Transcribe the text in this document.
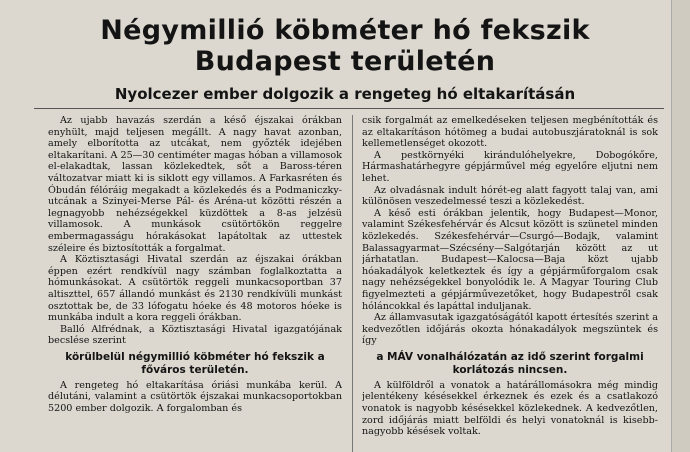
Négymillió köbméter hó fekszik
Budapest területén
Nyolcezer ember dolgozik a rengeteg hó eltakarításán

Az ujabb havazás szerdán a késő éjszakai órákban enyhült, majd teljesen megállt. A nagy havat azonban, amely elborította az utcákat, nem győzték idejében eltakarítani. A 25—30 centiméter magas hóban a villamosok el-elakadtak, lassan közlekedtek, sőt a Baross-téren változatvar miatt ki is siklott egy villamos. A Farkasréten és Óbudán félóráig megakadt a közlekedés és a Podmaniczky-utcának a Szinyei-Merse Pál- és Aréna-ut közötti részén a legnagyobb nehézségekkel küzdöttek a 8-as jelzésü villamosok. A munkások csütörtökön reggelre embermagasságu hórakásokat lapátoltak az uttestek széleire és biztosították a forgalmat.

A Köztisztasági Hivatal szerdán az éjszakai órákban éppen ezért rendkívül nagy számban foglalkoztatta a hómunkásokat. A csütörtök reggeli munkacsoportban 37 altiszttel, 657 állandó munkást és 2130 rendkívüli munkást osztottak be, de 33 lófogatu hóeke és 48 motoros hóeke is munkába indult a kora reggeli órákban.

Balló Alfrédnak, a Köztisztasági Hivatal igazgatójának becslése szerint

körülbelül négymillió köbméter hó fekszik a főváros területén.

A rengeteg hó eltakarítása óriási munkába kerül. A délutáni, valamint a csütörtök éjszakai munkacsoportokban 5200 ember dolgozik. A forgalomban és

csik forgalmát az emelkedéseken teljesen megbénították és az eltakarításon hótömeg a budai autobuszjáratoknál is sok kellemetlenséget okozott.

A pestkörnyéki kirándulóhelyekre, Dobogókőre, Hármashatárhegyre gépjárművel még egyelőre eljutni nem lehet.

Az olvadásnak indult hórét-eg alatt fagyott talaj van, ami különösen veszedelmessé teszi a közlekedést.

A késő esti órákban jelentik, hogy Budapest—Monor, valamint Székesfehérvár és Alcsut között is szünetel minden közlekedés. Székesfehérvár—Csurgó—Bodajk, valamint Balassagyarmat—Szécsény—Salgótarján között az ut járhatatlan. Budapest—Kalocsa—Baja közt ujabb hóakadályok keletkeztek és így a gépjárműforgalom csak nagy nehézségekkel bonyolódik le. A Magyar Touring Club figyelmezteti a gépjárművezetőket, hogy Budapestről csak hóláncokkal és lapáttal induljanak.

Az államvasutak igazgatóságától kapott értesítés szerint a kedvezőtlen időjárás okozta hónakadályok megszüntek és így

a MÁV vonalhálózatán az idő szerint forgalmi korlátozás nincsen.

A külföldről a vonatok a határállomásokra még mindig jelentékeny késésekkel érkeznek és ezek és a csatlakozó vonatok is nagyobb késésekkel közlekednek. A kedvezőtlen, zord időjárás miatt belföldi és helyi vonatoknál is kisebb-nagyobb késések voltak.
